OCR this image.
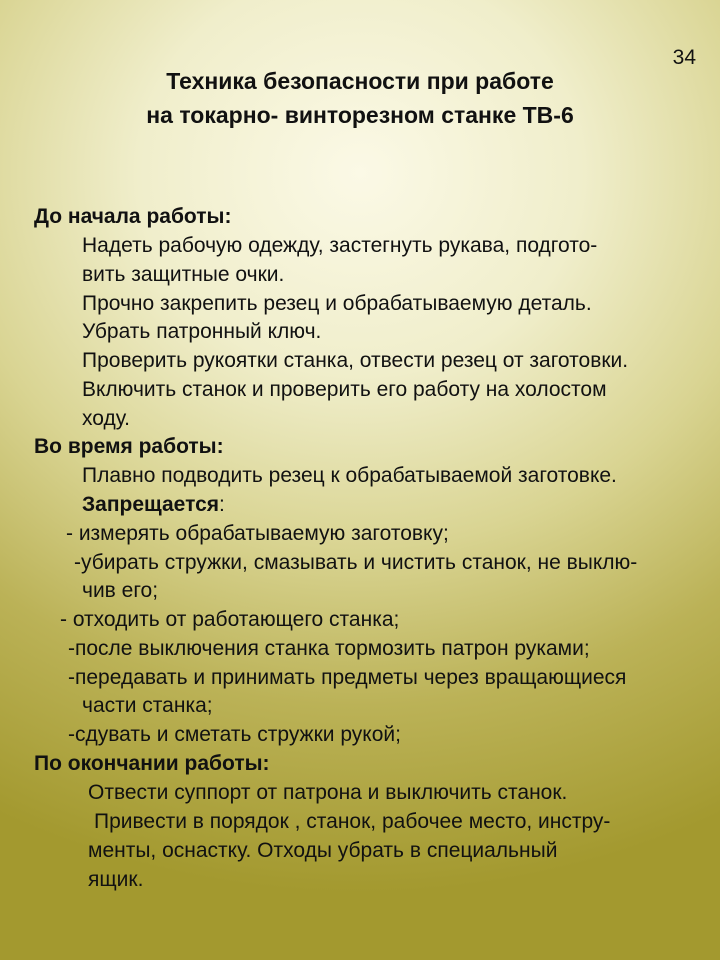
34
Техника безопасности при работе
на токарно- винторезном станке ТВ-6
До начала работы:
Надеть рабочую одежду, застегнуть рукава, подгото-
вить защитные очки.
Прочно закрепить резец и обрабатываемую деталь.
Убрать патронный ключ.
Проверить рукоятки станка, отвести резец от заготовки.
Включить станок и проверить его работу на холостом
ходу.
Во время работы:
Плавно подводить резец к обрабатываемой заготовке.
Запрещается:
- измерять обрабатываемую заготовку;
-убирать стружки, смазывать и чистить станок, не выклю-
чив его;
- отходить от работающего станка;
-после выключения станка тормозить патрон руками;
-передавать и принимать предметы через вращающиеся
части станка;
-сдувать и сметать стружки рукой;
По окончании работы:
Отвести суппорт от патрона и выключить станок.
Привести в порядок , станок, рабочее место, инстру-
менты, оснастку. Отходы убрать в специальный
ящик.
